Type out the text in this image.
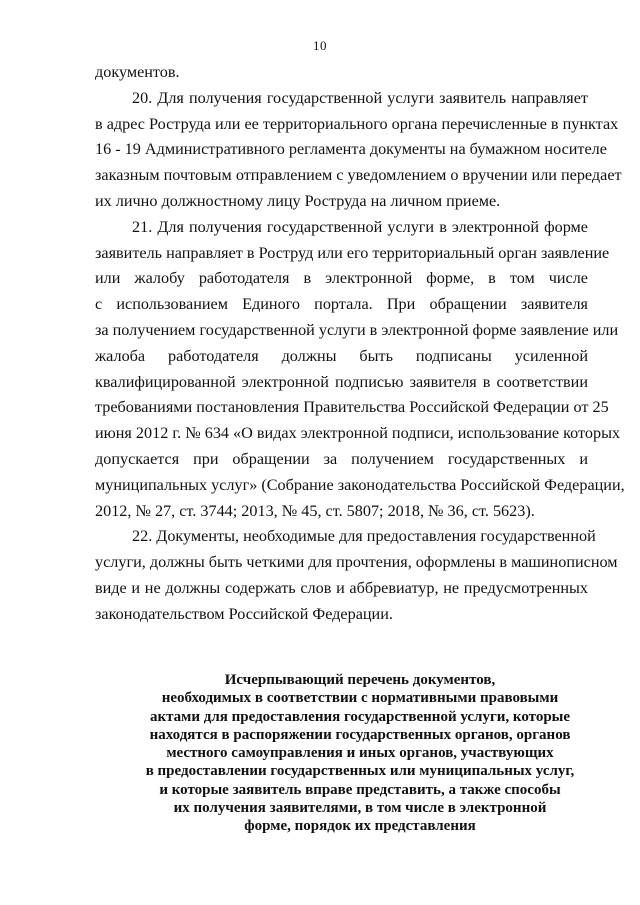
10
документов.
20. Для получения государственной услуги заявитель направляет
в адрес Роструда или ее территориального органа перечисленные в пунктах
16 - 19 Административного регламента документы на бумажном носителе
заказным почтовым отправлением с уведомлением о вручении или передает
их лично должностному лицу Роструда на личном приеме.
21. Для получения государственной услуги в электронной форме
заявитель направляет в Роструд или его территориальный орган заявление
или жалобу работодателя в электронной форме, в том числе
с использованием Единого портала. При обращении заявителя
за получением государственной услуги в электронной форме заявление или
жалоба работодателя должны быть подписаны усиленной
квалифицированной электронной подписью заявителя в соответствии
требованиями постановления Правительства Российской Федерации от 25
июня 2012 г. № 634 «О видах электронной подписи, использование которых
допускается при обращении за получением государственных и
муниципальных услуг» (Собрание законодательства Российской Федерации,
2012, № 27, ст. 3744; 2013, № 45, ст. 5807; 2018, № 36, ст. 5623).
22. Документы, необходимые для предоставления государственной
услуги, должны быть четкими для прочтения, оформлены в машинописном
виде и не должны содержать слов и аббревиатур, не предусмотренных
законодательством Российской Федерации.
Исчерпывающий перечень документов,
необходимых в соответствии с нормативными правовыми
актами для предоставления государственной услуги, которые
находятся в распоряжении государственных органов, органов
местного самоуправления и иных органов, участвующих
в предоставлении государственных или муниципальных услуг,
и которые заявитель вправе представить, а также способы
их получения заявителями, в том числе в электронной
форме, порядок их представления
